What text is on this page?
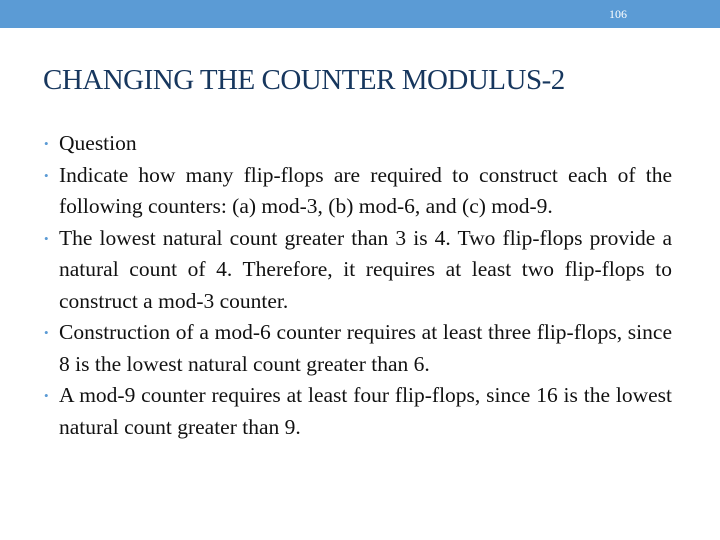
106
CHANGING THE COUNTER MODULUS-2
• Question
• Indicate how many flip-flops are required to construct each of the following counters: (a) mod-3, (b) mod-6, and (c) mod-9.
• The lowest natural count greater than 3 is 4. Two flip-flops provide a natural count of 4. Therefore, it requires at least two flip-flops to construct a mod-3 counter.
• Construction of a mod-6 counter requires at least three flip-flops, since 8 is the lowest natural count greater than 6.
• A mod-9 counter requires at least four flip-flops, since 16 is the lowest natural count greater than 9.
